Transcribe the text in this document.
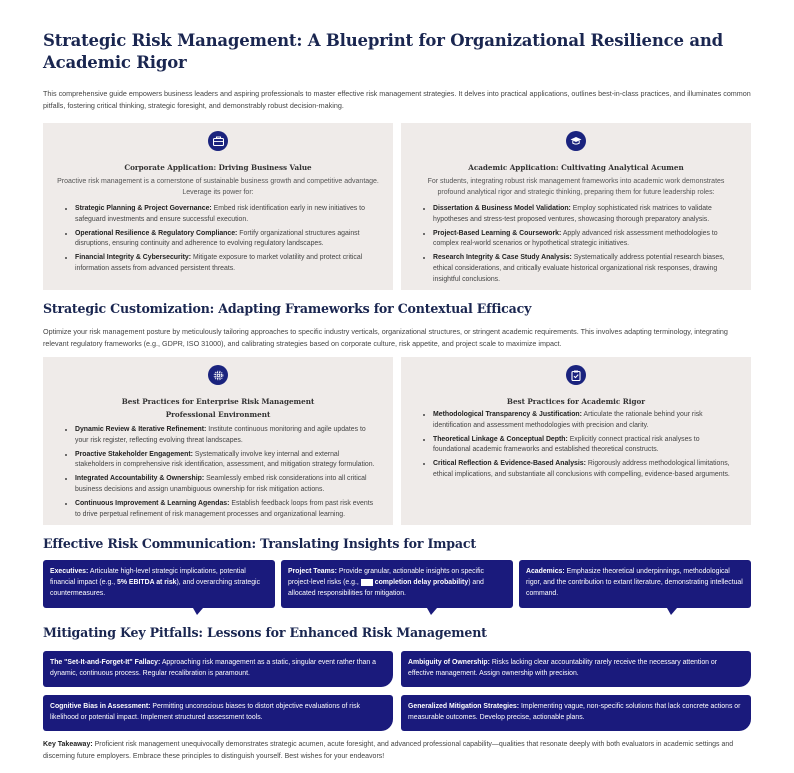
Strategic Risk Management: A Blueprint for Organizational Resilience and Academic Rigor

This comprehensive guide empowers business leaders and aspiring professionals to master effective risk management strategies. It delves into practical applications, outlines best-in-class practices, and illuminates common pitfalls, fostering critical thinking, strategic foresight, and demonstrably robust decision-making.

Corporate Application: Driving Business Value

Proactive risk management is a cornerstone of sustainable business growth and competitive advantage. Leverage its power for:

• Strategic Planning & Project Governance: Embed risk identification early in new initiatives to safeguard investments and ensure successful execution.
• Operational Resilience & Regulatory Compliance: Fortify organizational structures against disruptions, ensuring continuity and adherence to evolving regulatory landscapes.
• Financial Integrity & Cybersecurity: Mitigate exposure to market volatility and protect critical information assets from advanced persistent threats.
Academic Application: Cultivating Analytical Acumen

For students, integrating robust risk management frameworks into academic work demonstrates profound analytical rigor and strategic thinking, preparing them for future leadership roles:

• Dissertation & Business Model Validation: Employ sophisticated risk matrices to validate hypotheses and stress-test proposed ventures, showcasing thorough preparatory analysis.
• Project-Based Learning & Coursework: Apply advanced risk assessment methodologies to complex real-world scenarios or hypothetical strategic initiatives.
• Research Integrity & Case Study Analysis: Systematically address potential research biases, ethical considerations, and critically evaluate historical organizational risk responses, drawing insightful conclusions.
Strategic Customization: Adapting Frameworks for Contextual Efficacy

Optimize your risk management posture by meticulously tailoring approaches to specific industry verticals, organizational structures, or stringent academic requirements. This involves adapting terminology, integrating relevant regulatory frameworks (e.g., GDPR, ISO 31000), and calibrating strategies based on corporate culture, risk appetite, and project scale to maximize impact.

Best Practices for Enterprise Risk Management
Professional Environment
• Dynamic Review & Iterative Refinement: Institute continuous monitoring and agile updates to your risk register, reflecting evolving threat landscapes.
• Proactive Stakeholder Engagement: Systematically involve key internal and external stakeholders in comprehensive risk identification, assessment, and mitigation strategy formulation.
• Integrated Accountability & Ownership: Seamlessly embed risk considerations into all critical business decisions and assign unambiguous ownership for risk mitigation actions.
• Continuous Improvement & Learning Agendas: Establish feedback loops from past risk events to drive perpetual refinement of risk management processes and organizational learning.
Best Practices for Academic Rigor
• Methodological Transparency & Justification: Articulate the rationale behind your risk identification and assessment methodologies with precision and clarity.
• Theoretical Linkage & Conceptual Depth: Explicitly connect practical risk analyses to foundational academic frameworks and established theoretical constructs.
• Critical Reflection & Evidence-Based Analysis: Rigorously address methodological limitations, ethical implications, and substantiate all conclusions with compelling, evidence-based arguments.
Effective Risk Communication: Translating Insights for Impact
Executives: Articulate high-level strategic implications, potential financial impact (e.g., 5% EBITDA at risk), and overarching strategic countermeasures.
Project Teams: Provide granular, actionable insights on specific project-level risks (e.g., completion delay probability) and allocated responsibilities for mitigation.
Academics: Emphasize theoretical underpinnings, methodological rigor, and the contribution to extant literature, demonstrating intellectual command.
Mitigating Key Pitfalls: Lessons for Enhanced Risk Management
The "Set-It-and-Forget-It" Fallacy: Approaching risk management as a static, singular event rather than a dynamic, continuous process. Regular recalibration is paramount.
Ambiguity of Ownership: Risks lacking clear accountability rarely receive the necessary attention or effective management. Assign ownership with precision.
Cognitive Bias in Assessment: Permitting unconscious biases to distort objective evaluations of risk likelihood or potential impact. Implement structured assessment tools.
Generalized Mitigation Strategies: Implementing vague, non-specific solutions that lack concrete actions or measurable outcomes. Develop precise, actionable plans.

Key Takeaway: Proficient risk management unequivocally demonstrates strategic acumen, acute foresight, and advanced professional capability—qualities that resonate deeply with both evaluators in academic settings and discerning future employers. Embrace these principles to distinguish yourself. Best wishes for your endeavors!
